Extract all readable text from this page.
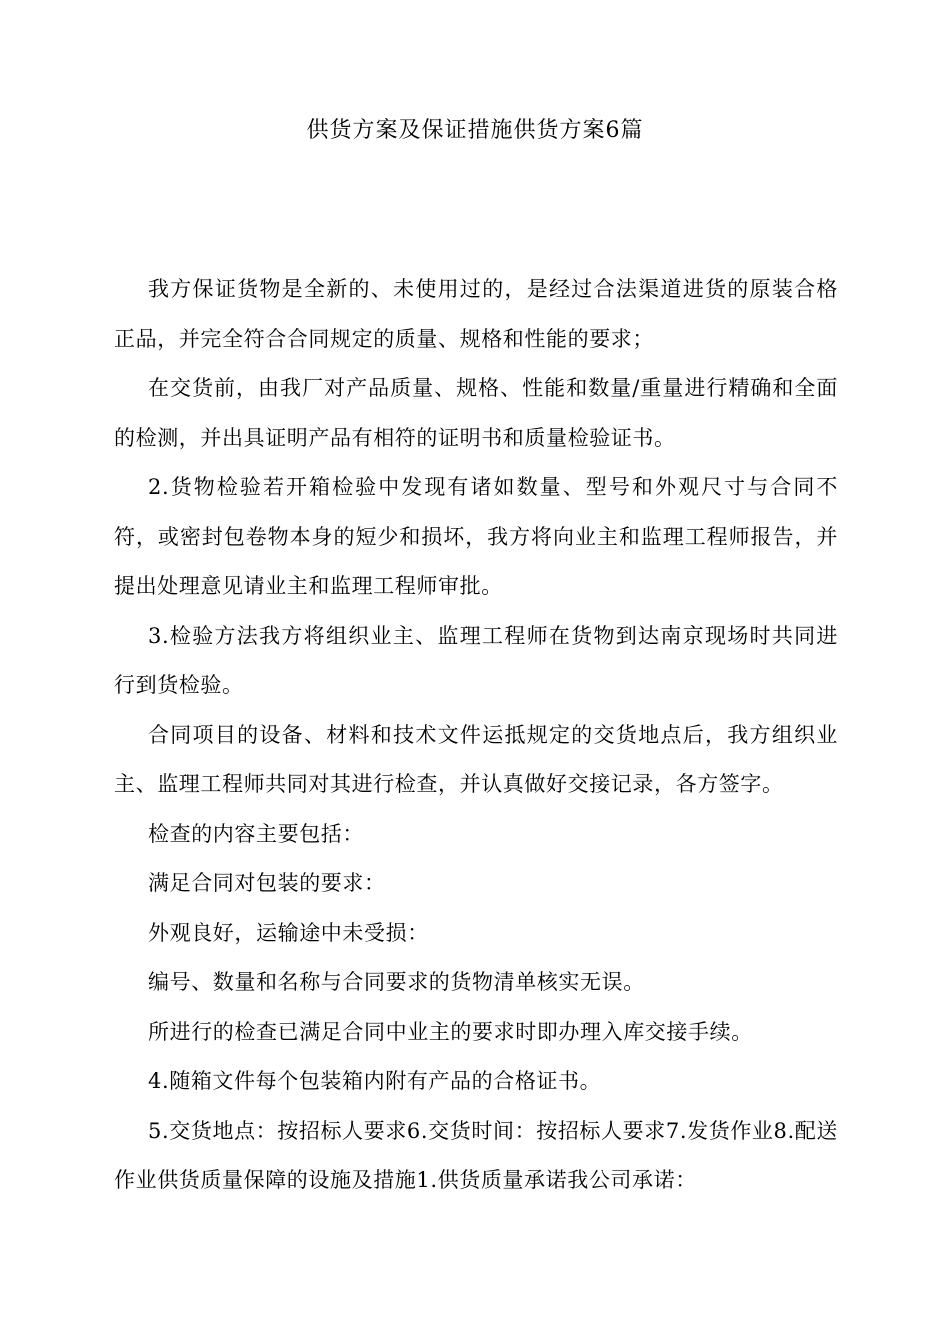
供货方案及保证措施供货方案6篇

我方保证货物是全新的、未使用过的，是经过合法渠道进货的原装合格正品，并完全符合合同规定的质量、规格和性能的要求；

在交货前，由我厂对产品质量、规格、性能和数量/重量进行精确和全面的检测，并出具证明产品有相符的证明书和质量检验证书。

2.货物检验若开箱检验中发现有诸如数量、型号和外观尺寸与合同不符，或密封包卷物本身的短少和损坏，我方将向业主和监理工程师报告，并提出处理意见请业主和监理工程师审批。

3.检验方法我方将组织业主、监理工程师在货物到达南京现场时共同进行到货检验。

合同项目的设备、材料和技术文件运抵规定的交货地点后，我方组织业主、监理工程师共同对其进行检查，并认真做好交接记录，各方签字。

检查的内容主要包括：

满足合同对包装的要求：

外观良好，运输途中未受损：

编号、数量和名称与合同要求的货物清单核实无误。

所进行的检查已满足合同中业主的要求时即办理入库交接手续。

4.随箱文件每个包装箱内附有产品的合格证书。

5.交货地点：按招标人要求6.交货时间：按招标人要求7.发货作业8.配送作业供货质量保障的设施及措施1.供货质量承诺我公司承诺：
